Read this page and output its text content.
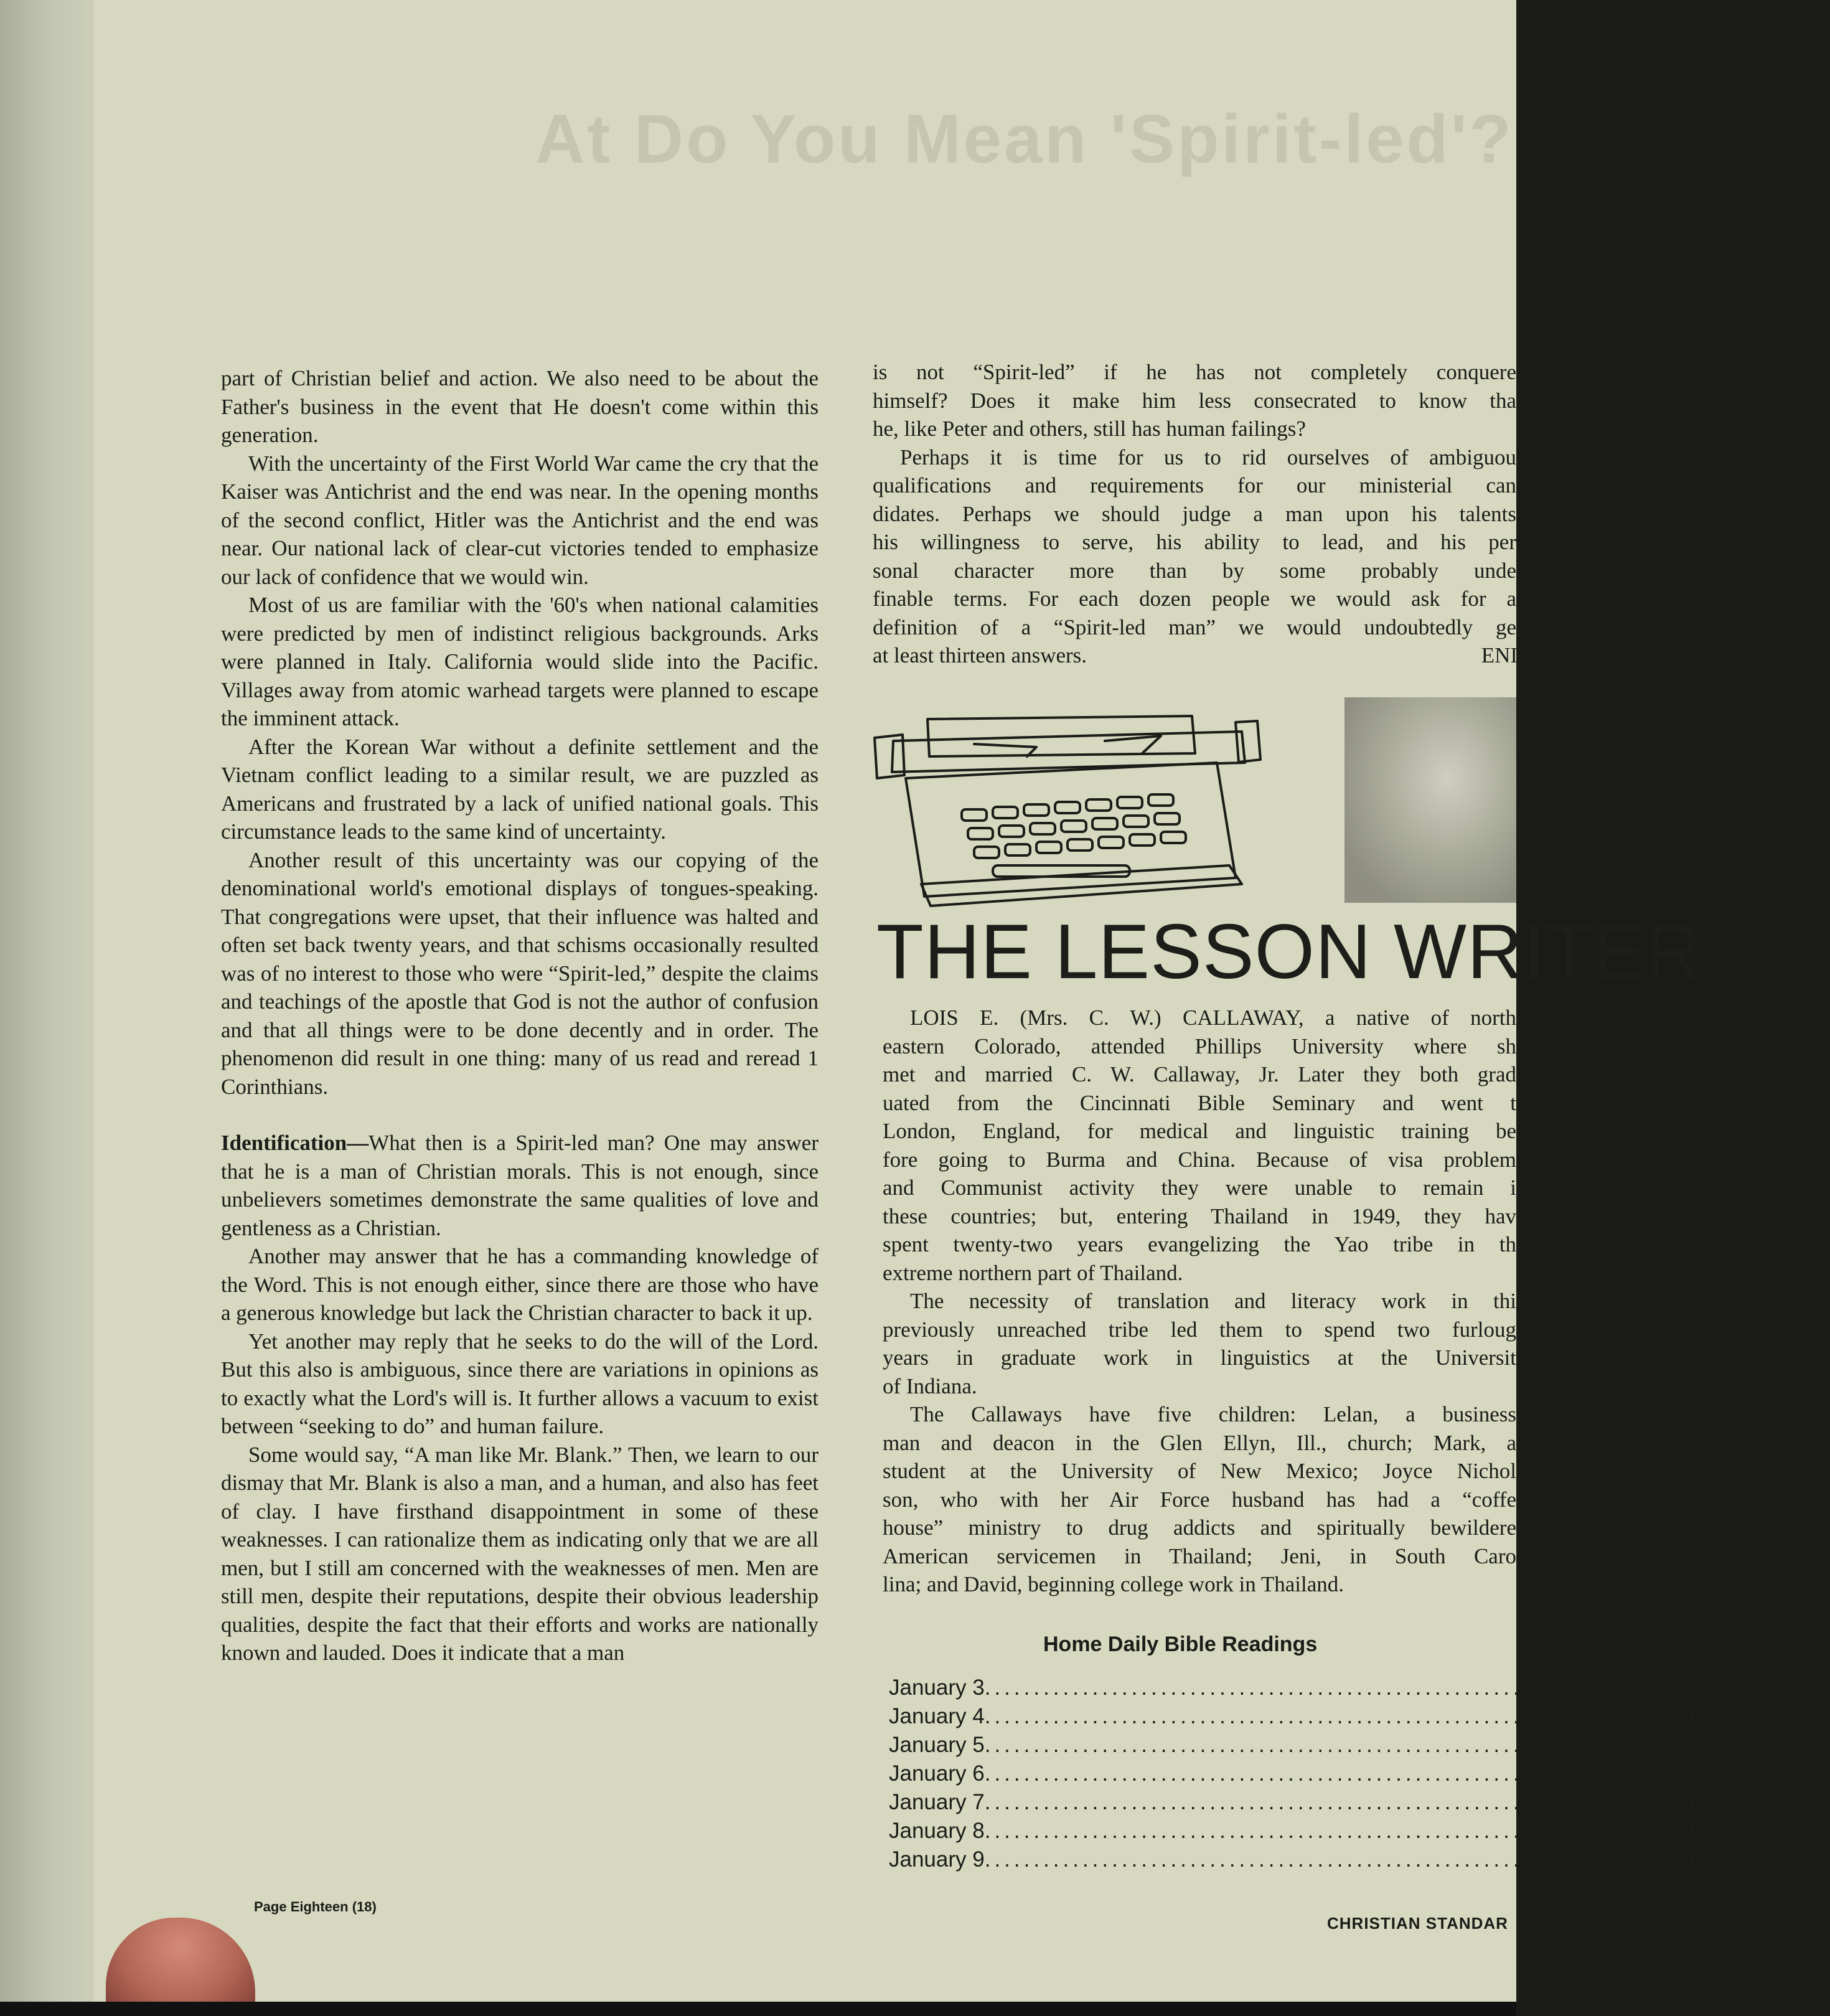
At Do You Mean 'Spirit-led'?

part of Christian belief and action. We also need to be about the Father's business in the event that He doesn't come within this generation.

With the uncertainty of the First World War came the cry that the Kaiser was Antichrist and the end was near. In the opening months of the second conflict, Hitler was the Antichrist and the end was near. Our national lack of clear-cut victories tended to emphasize our lack of confidence that we would win.

Most of us are familiar with the '60's when national calamities were predicted by men of indistinct religious backgrounds. Arks were planned in Italy. California would slide into the Pacific. Villages away from atomic warhead targets were planned to escape the imminent attack.

After the Korean War without a definite settlement and the Vietnam conflict leading to a similar result, we are puzzled as Americans and frustrated by a lack of unified national goals. This circumstance leads to the same kind of uncertainty.

Another result of this uncertainty was our copying of the denominational world's emotional displays of tongues-speaking. That congregations were upset, that their influence was halted and often set back twenty years, and that schisms occasionally resulted was of no interest to those who were “Spirit-led,” despite the claims and teachings of the apostle that God is not the author of confusion and that all things were to be done decently and in order. The phenomenon did result in one thing: many of us read and reread 1 Corinthians.

Identification—What then is a Spirit-led man? One may answer that he is a man of Christian morals. This is not enough, since unbelievers sometimes demonstrate the same qualities of love and gentleness as a Christian.

Another may answer that he has a commanding knowledge of the Word. This is not enough either, since there are those who have a generous knowledge but lack the Christian character to back it up.

Yet another may reply that he seeks to do the will of the Lord. But this also is ambiguous, since there are variations in opinions as to exactly what the Lord's will is. It further allows a vacuum to exist between “seeking to do” and human failure.

Some would say, “A man like Mr. Blank.” Then, we learn to our dismay that Mr. Blank is also a man, and a human, and also has feet of clay. I have firsthand disappointment in some of these weaknesses. I can rationalize them as indicating only that we are all men, but I still am concerned with the weaknesses of men. Men are still men, despite their reputations, despite their obvious leadership qualities, despite the fact that their efforts and works are nationally known and lauded. Does it indicate that a man

is not “Spirit-led” if he has not completely conquere

himself? Does it make him less consecrated to know tha

he, like Peter and others, still has human failings?

Perhaps it is time for us to rid ourselves of ambiguou

qualifications and requirements for our ministerial can

didates. Perhaps we should judge a man upon his talents

his willingness to serve, his ability to lead, and his per

sonal character more than by some probably unde

finable terms. For each dozen people we would ask for a

definition of a “Spirit-led man” we would undoubtedly ge

at least thirteen answers.	ENI

THE LESSON WRITER

LOIS E. (Mrs. C. W.) CALLAWAY, a native of north

eastern Colorado, attended Phillips University where sh

met and married C. W. Callaway, Jr. Later they both grad

uated from the Cincinnati Bible Seminary and went t

London, England, for medical and linguistic training be

fore going to Burma and China. Because of visa problem

and Communist activity they were unable to remain i

these countries; but, entering Thailand in 1949, they hav

spent twenty-two years evangelizing the Yao tribe in th

extreme northern part of Thailand.

The necessity of translation and literacy work in thi

previously unreached tribe led them to spend two furloug

years in graduate work in linguistics at the Universit

of Indiana.

The Callaways have five children: Lelan, a business

man and deacon in the Glen Ellyn, Ill., church; Mark, a

student at the University of New Mexico; Joyce Nichol

son, who with her Air Force husband has had a “coffe

house” ministry to drug addicts and spiritually bewildere

American servicemen in Thailand; Jeni, in South Caro

lina; and David, beginning college work in Thailand.

Home Daily Bible Readings
January 3 .....	Matthew 9:9-1
January 4 .....	Romans 15:1-
January 5 .....	James 2:8-1
January 6 .....	Galatians 6:1-
January 7 .....	Psalm 103:6-1
January 8 .....	Luke 7:36-5
January 9 .....	Luke 10:25-3
Page Eighteen (18)
CHRISTIAN STANDAR
